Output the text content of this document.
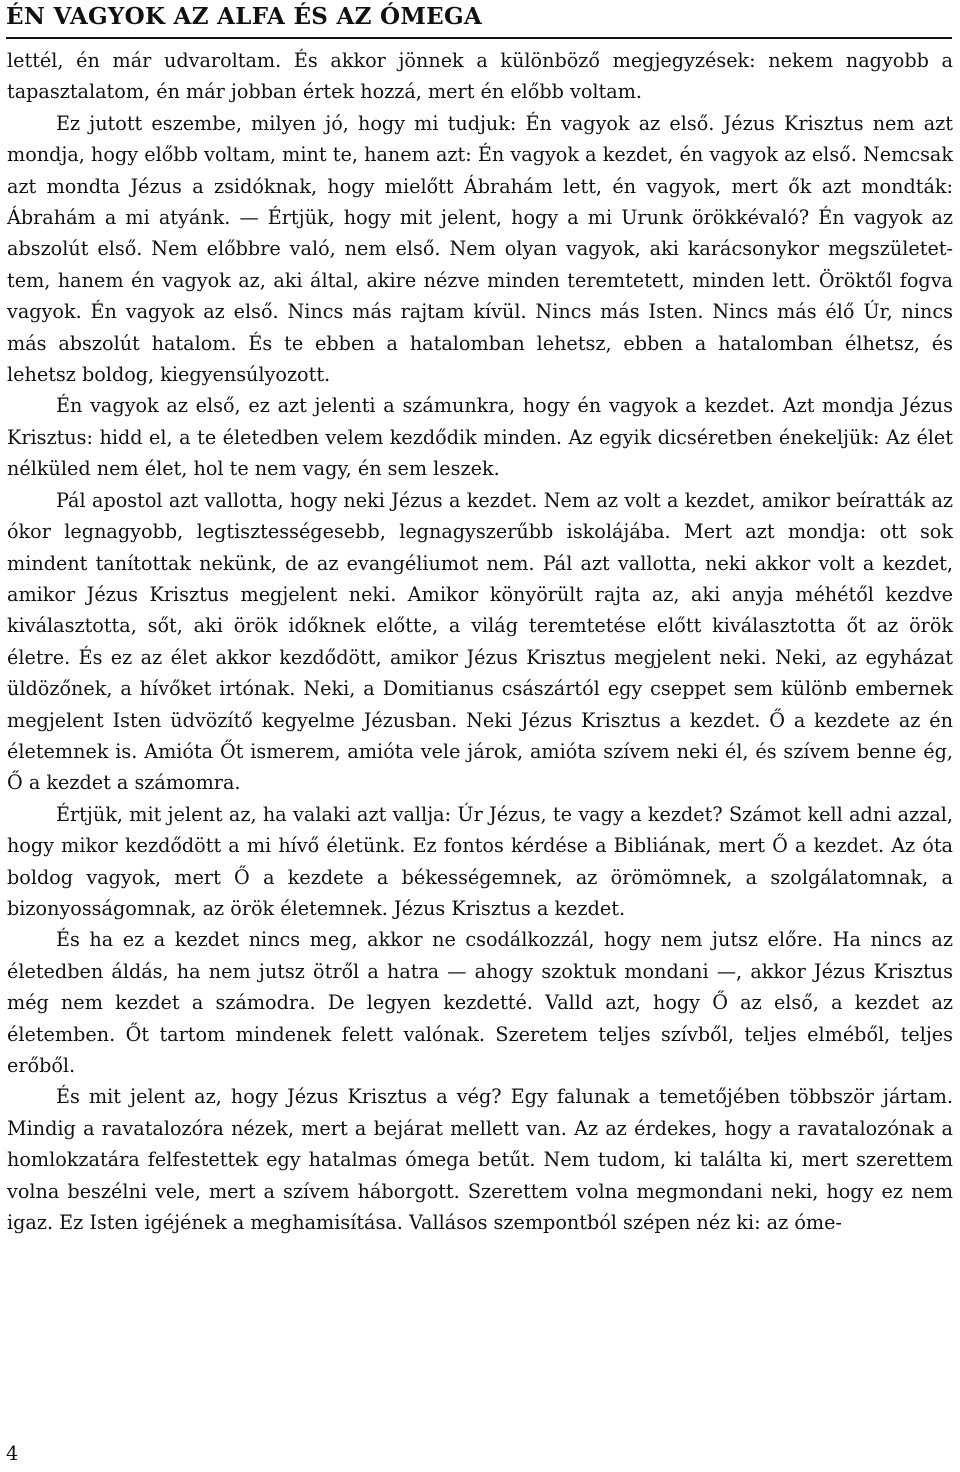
ÉN VAGYOK AZ ALFA ÉS AZ ÓMEGA

lettél, én már udvaroltam. És akkor jönnek a különböző megjegyzések: nekem nagyobb a tapasztalatom, én már jobban értek hozzá, mert én előbb voltam.

Ez jutott eszembe, milyen jó, hogy mi tudjuk: Én vagyok az első. Jézus Krisztus nem azt mondja, hogy előbb voltam, mint te, hanem azt: Én vagyok a kezdet, én vagyok az első. Nemcsak azt mondta Jézus a zsidóknak, hogy mielőtt Ábrahám lett, én vagyok, mert ők azt mondták: Ábrahám a mi atyánk. — Értjük, hogy mit jelent, hogy a mi Urunk örökkévaló? Én vagyok az abszolút első. Nem előbbre való, nem első. Nem olyan vagyok, aki karácsonykor megszületettem, hanem én vagyok az, aki által, akire nézve minden teremtetett, minden lett. Öröktől fogva vagyok. Én vagyok az első. Nincs más rajtam kívül. Nincs más Isten. Nincs más élő Úr, nincs más abszolút hatalom. És te ebben a hatalomban lehetsz, ebben a hatalomban élhetsz, és lehetsz boldog, kiegyensúlyozott.

Én vagyok az első, ez azt jelenti a számunkra, hogy én vagyok a kezdet. Azt mondja Jézus Krisztus: hidd el, a te életedben velem kezdődik minden. Az egyik dicséretben énekeljük: Az élet nélküled nem élet, hol te nem vagy, én sem leszek.

Pál apostol azt vallotta, hogy neki Jézus a kezdet. Nem az volt a kezdet, amikor beíratták az ókor legnagyobb, legtisztességesebb, legnagyszerűbb iskolájába. Mert azt mondja: ott sok mindent tanítottak nekünk, de az evangéliumot nem. Pál azt vallotta, neki akkor volt a kezdet, amikor Jézus Krisztus megjelent neki. Amikor könyörült rajta az, aki anyja méhétől kezdve kiválasztotta, sőt, aki örök időknek előtte, a világ teremtetése előtt kiválasztotta őt az örök életre. És ez az élet akkor kezdődött, amikor Jézus Krisztus megjelent neki. Neki, az egyházat üldözőnek, a hívőket irtónak. Neki, a Domitianus császártól egy cseppet sem különb embernek megjelent Isten üdvözítő kegyelme Jézusban. Neki Jézus Krisztus a kezdet. Ő a kezdete az én életemnek is. Amióta Őt ismerem, amióta vele járok, amióta szívem neki él, és szívem benne ég, Ő a kezdet a számomra.

Értjük, mit jelent az, ha valaki azt vallja: Úr Jézus, te vagy a kezdet? Számot kell adni azzal, hogy mikor kezdődött a mi hívő életünk. Ez fontos kérdése a Bibliának, mert Ő a kezdet. Az óta boldog vagyok, mert Ő a kezdete a békességemnek, az örömömnek, a szolgálatomnak, a bizonyosságomnak, az örök életemnek. Jézus Krisztus a kezdet.

És ha ez a kezdet nincs meg, akkor ne csodálkozzál, hogy nem jutsz előre. Ha nincs az életedben áldás, ha nem jutsz ötről a hatra — ahogy szoktuk mondani —, akkor Jézus Krisztus még nem kezdet a számodra. De legyen kezdetté. Valld azt, hogy Ő az első, a kezdet az életemben. Őt tartom mindenek felett valónak. Szeretem teljes szívből, teljes elméből, teljes erőből.

És mit jelent az, hogy Jézus Krisztus a vég? Egy falunak a temetőjében többször jártam. Mindig a ravatalozóra nézek, mert a bejárat mellett van. Az az érdekes, hogy a ravatalozónak a homlokzatára felfestettek egy hatalmas ómega betűt. Nem tudom, ki találta ki, mert szerettem volna beszélni vele, mert a szívem háborgott. Szerettem volna megmondani neki, hogy ez nem igaz. Ez Isten igéjének a meghamisítása. Vallásos szempontból szépen néz ki: az óme-

4
